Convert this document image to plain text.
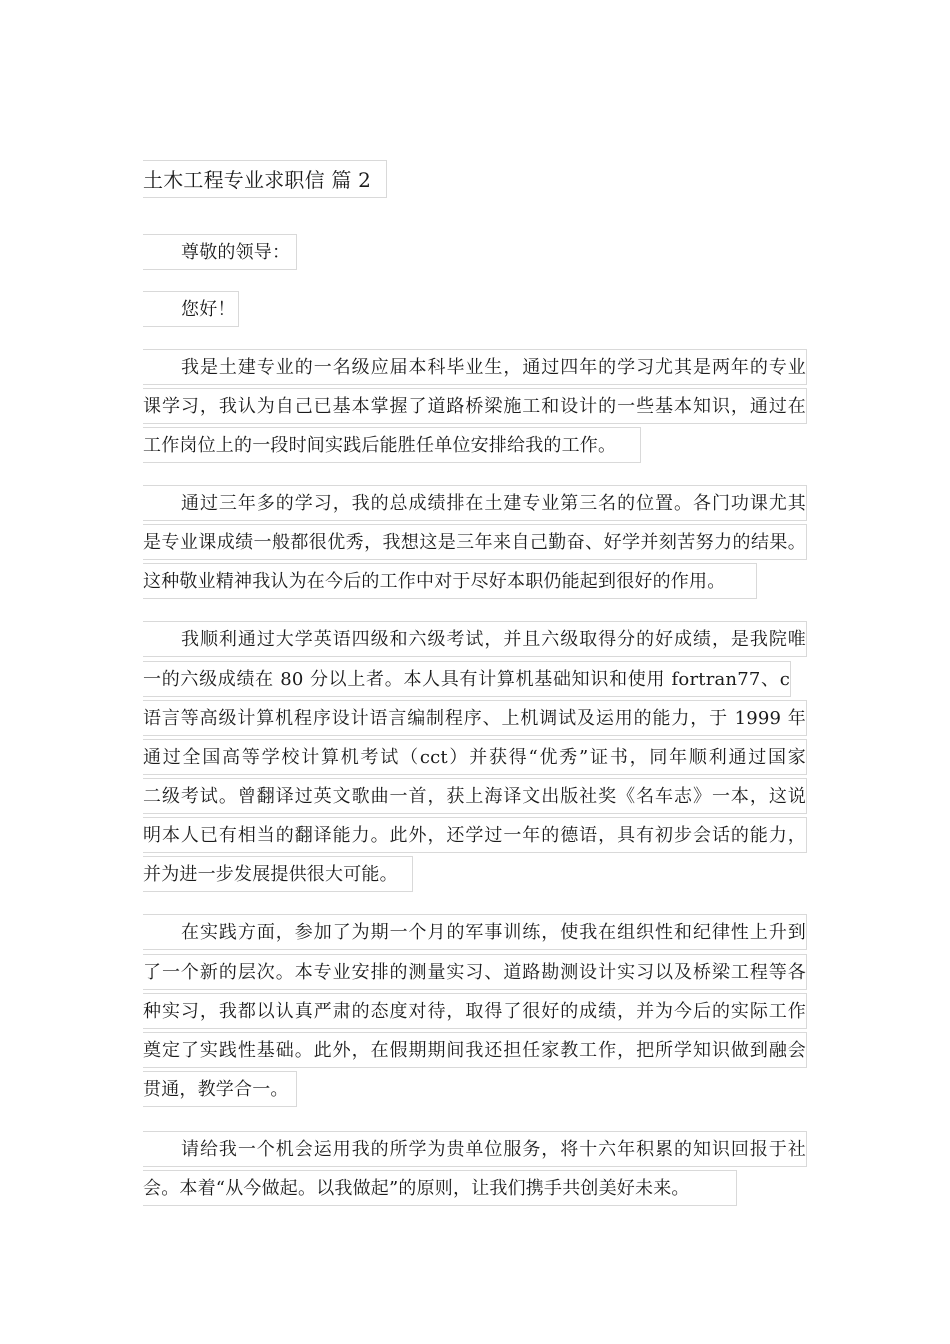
土木工程专业求职信 篇 2
尊敬的领导：
您好！
我是土建专业的一名级应届本科毕业生，通过四年的学习尤其是两年的专业
课学习，我认为自己已基本掌握了道路桥梁施工和设计的一些基本知识，通过在
工作岗位上的一段时间实践后能胜任单位安排给我的工作。
通过三年多的学习，我的总成绩排在土建专业第三名的位置。各门功课尤其
是专业课成绩一般都很优秀，我想这是三年来自己勤奋、好学并刻苦努力的结果。
这种敬业精神我认为在今后的工作中对于尽好本职仍能起到很好的作用。
我顺利通过大学英语四级和六级考试，并且六级取得分的好成绩，是我院唯
一的六级成绩在 80 分以上者。本人具有计算机基础知识和使用 fortran77、c
语言等高级计算机程序设计语言编制程序、上机调试及运用的能力，于 1999 年
通过全国高等学校计算机考试（cct）并获得“优秀”证书，同年顺利通过国家
二级考试。曾翻译过英文歌曲一首，获上海译文出版社奖《名车志》一本，这说
明本人已有相当的翻译能力。此外，还学过一年的德语，具有初步会话的能力，
并为进一步发展提供很大可能。
在实践方面，参加了为期一个月的军事训练，使我在组织性和纪律性上升到
了一个新的层次。本专业安排的测量实习、道路勘测设计实习以及桥梁工程等各
种实习，我都以认真严肃的态度对待，取得了很好的成绩，并为今后的实际工作
奠定了实践性基础。此外，在假期期间我还担任家教工作，把所学知识做到融会
贯通，教学合一。
请给我一个机会运用我的所学为贵单位服务，将十六年积累的知识回报于社
会。本着“从今做起。以我做起”的原则，让我们携手共创美好未来。
